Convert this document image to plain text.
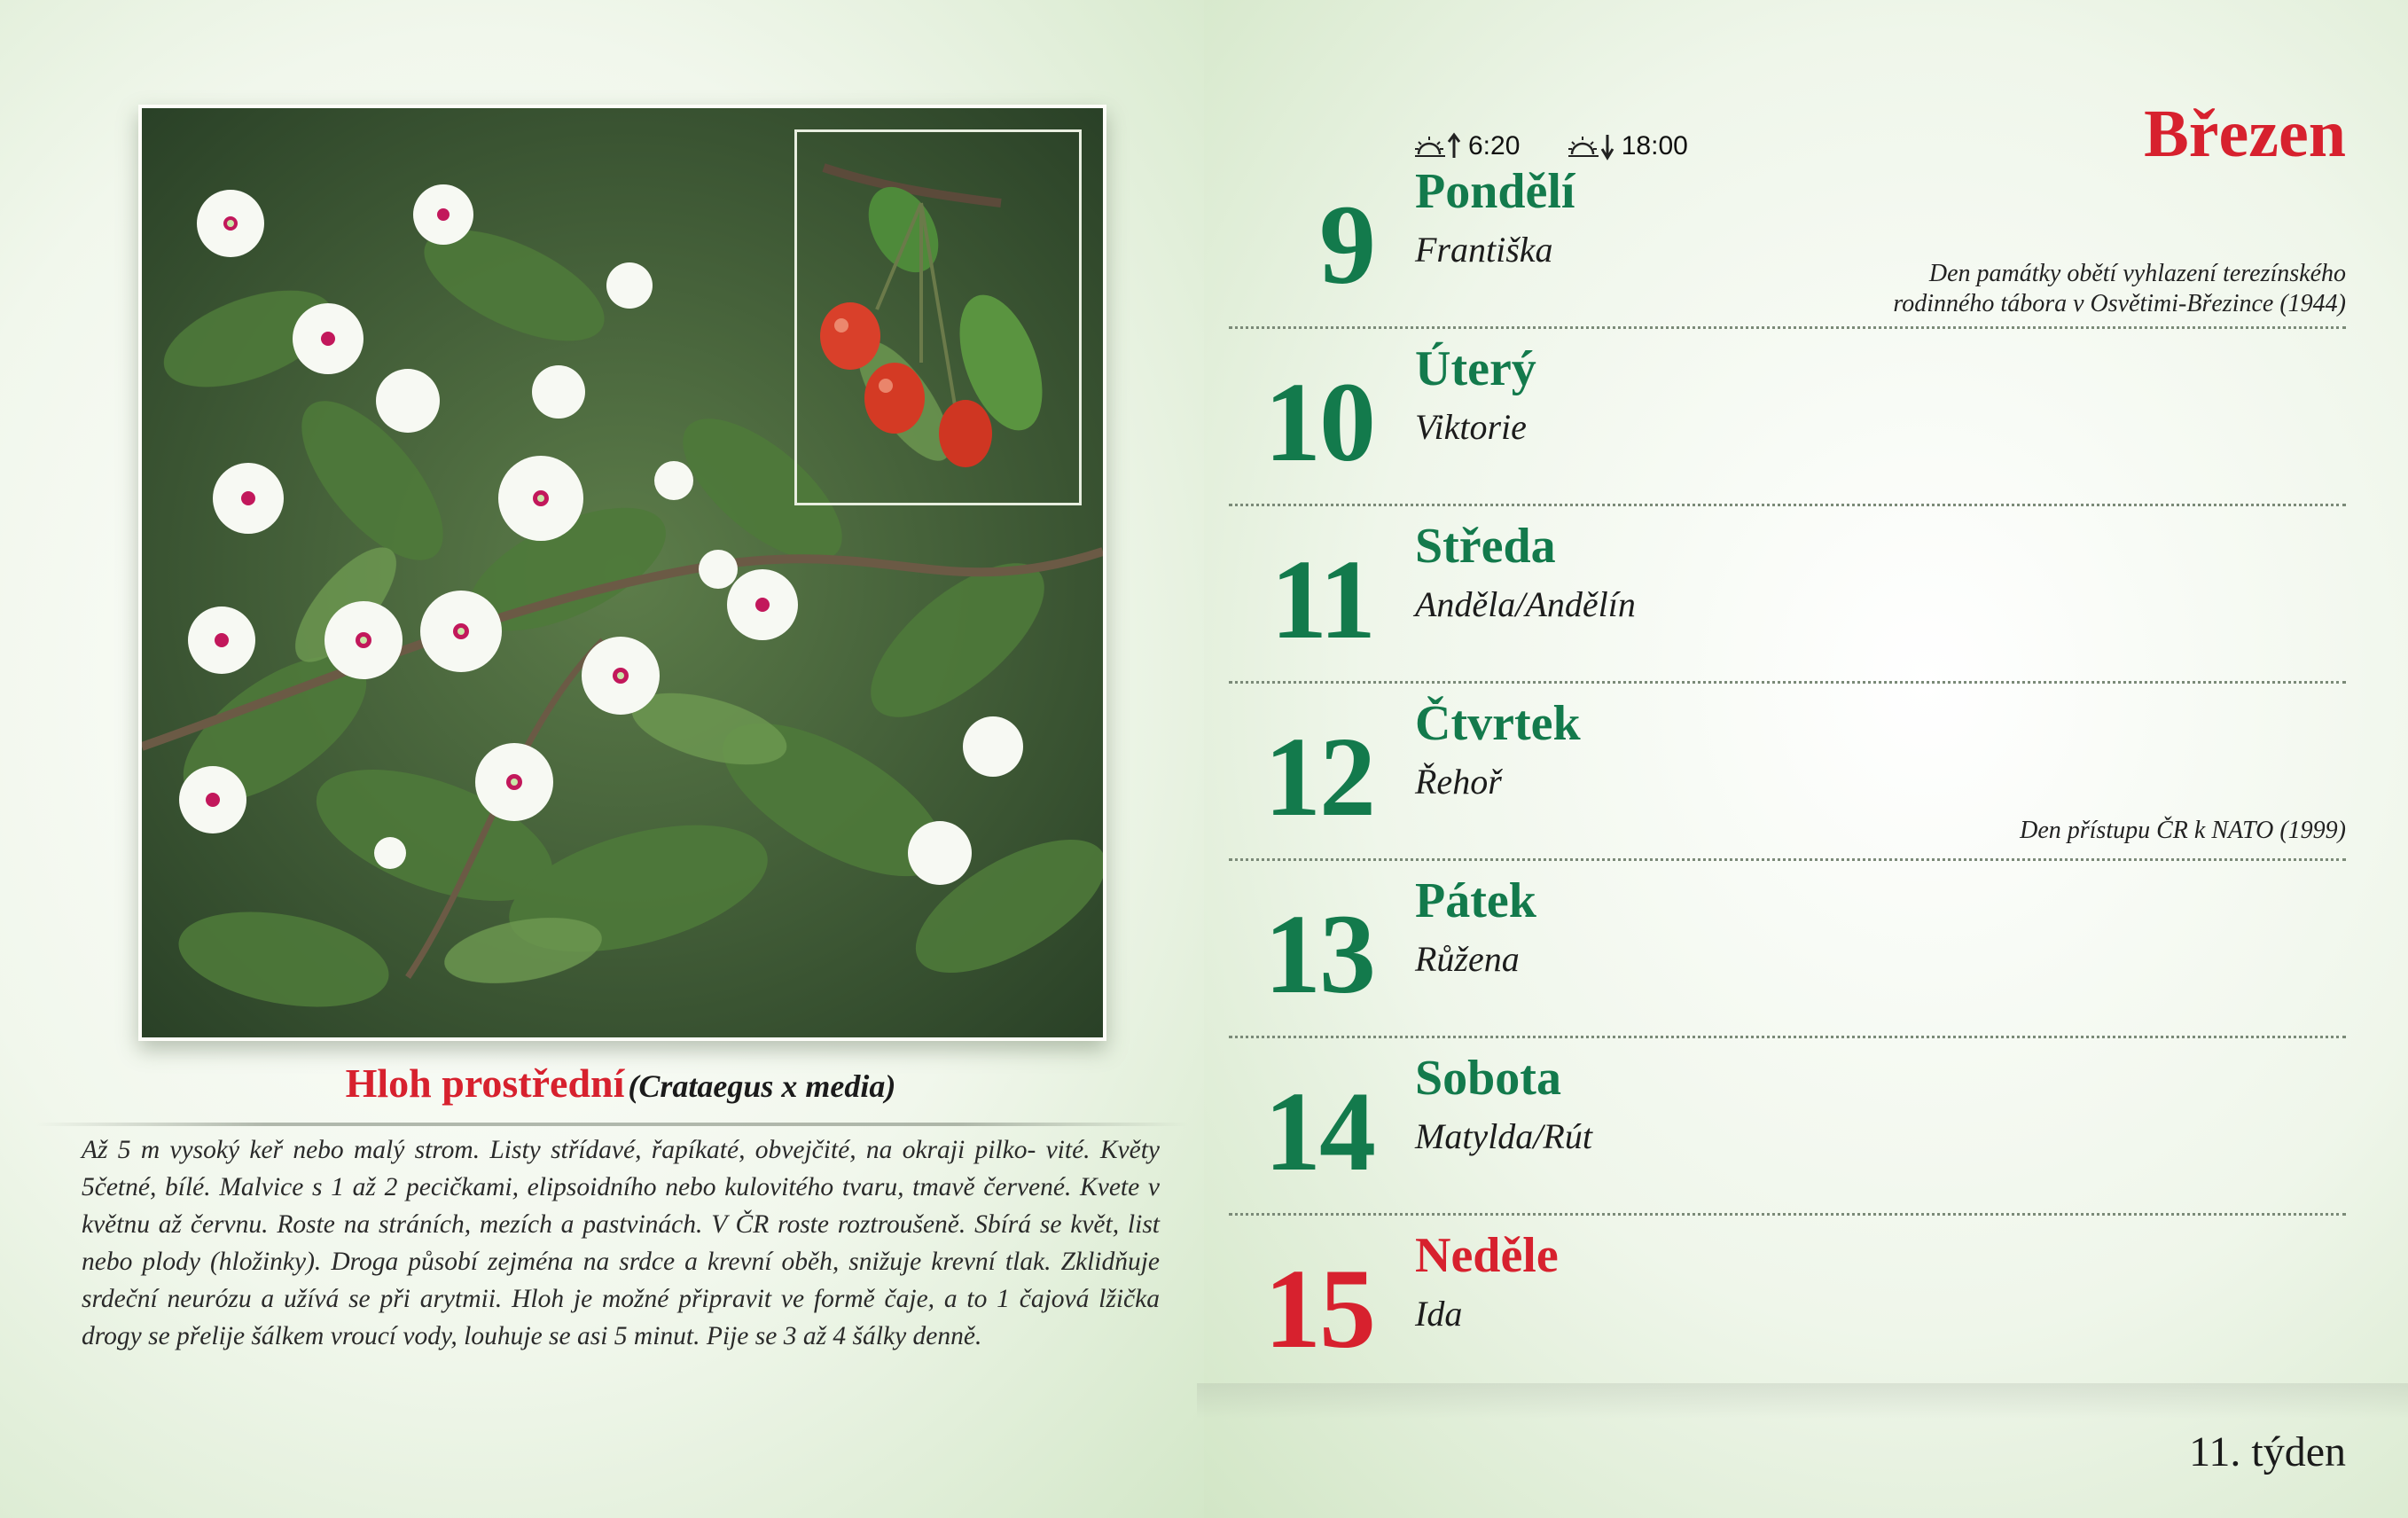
Hloh prostřední (Crataegus x media)

Až 5 m vysoký keř nebo malý strom. Listy střídavé, řapíkaté, obvejčité, na okraji pilko- vité. Květy 5četné, bílé. Malvice s 1 až 2 pecičkami, elipsoidního nebo kulovitého tvaru, tmavě červené. Kvete v květnu až červnu. Roste na stráních, mezích a pastvinách. V ČR roste roztroušeně. Sbírá se květ, list nebo plody (hložinky). Droga působí zejména na srdce a krevní oběh, snižuje krevní tlak. Zklidňuje srdeční neurózu a užívá se při arytmii. Hloh je možné připravit ve formě čaje, a to 1 čajová lžička drogy se přelije šálkem vroucí vody, louhuje se asi 5 minut. Pije se 3 až 4 šálky denně.

Březen
6:20
	18:00
9 Pondělí
Františka
Den památky obětí vyhlazení terezínského
rodinného tábora v Osvětimi-Březince (1944)
10 Úterý
Viktorie
11 Středa
Anděla/Andělín
12 Čtvrtek
Řehoř
Den přístupu ČR k NATO (1999)
13 Pátek
Růžena
14 Sobota
Matylda/Rút
15 Neděle
Ida

11. týden
